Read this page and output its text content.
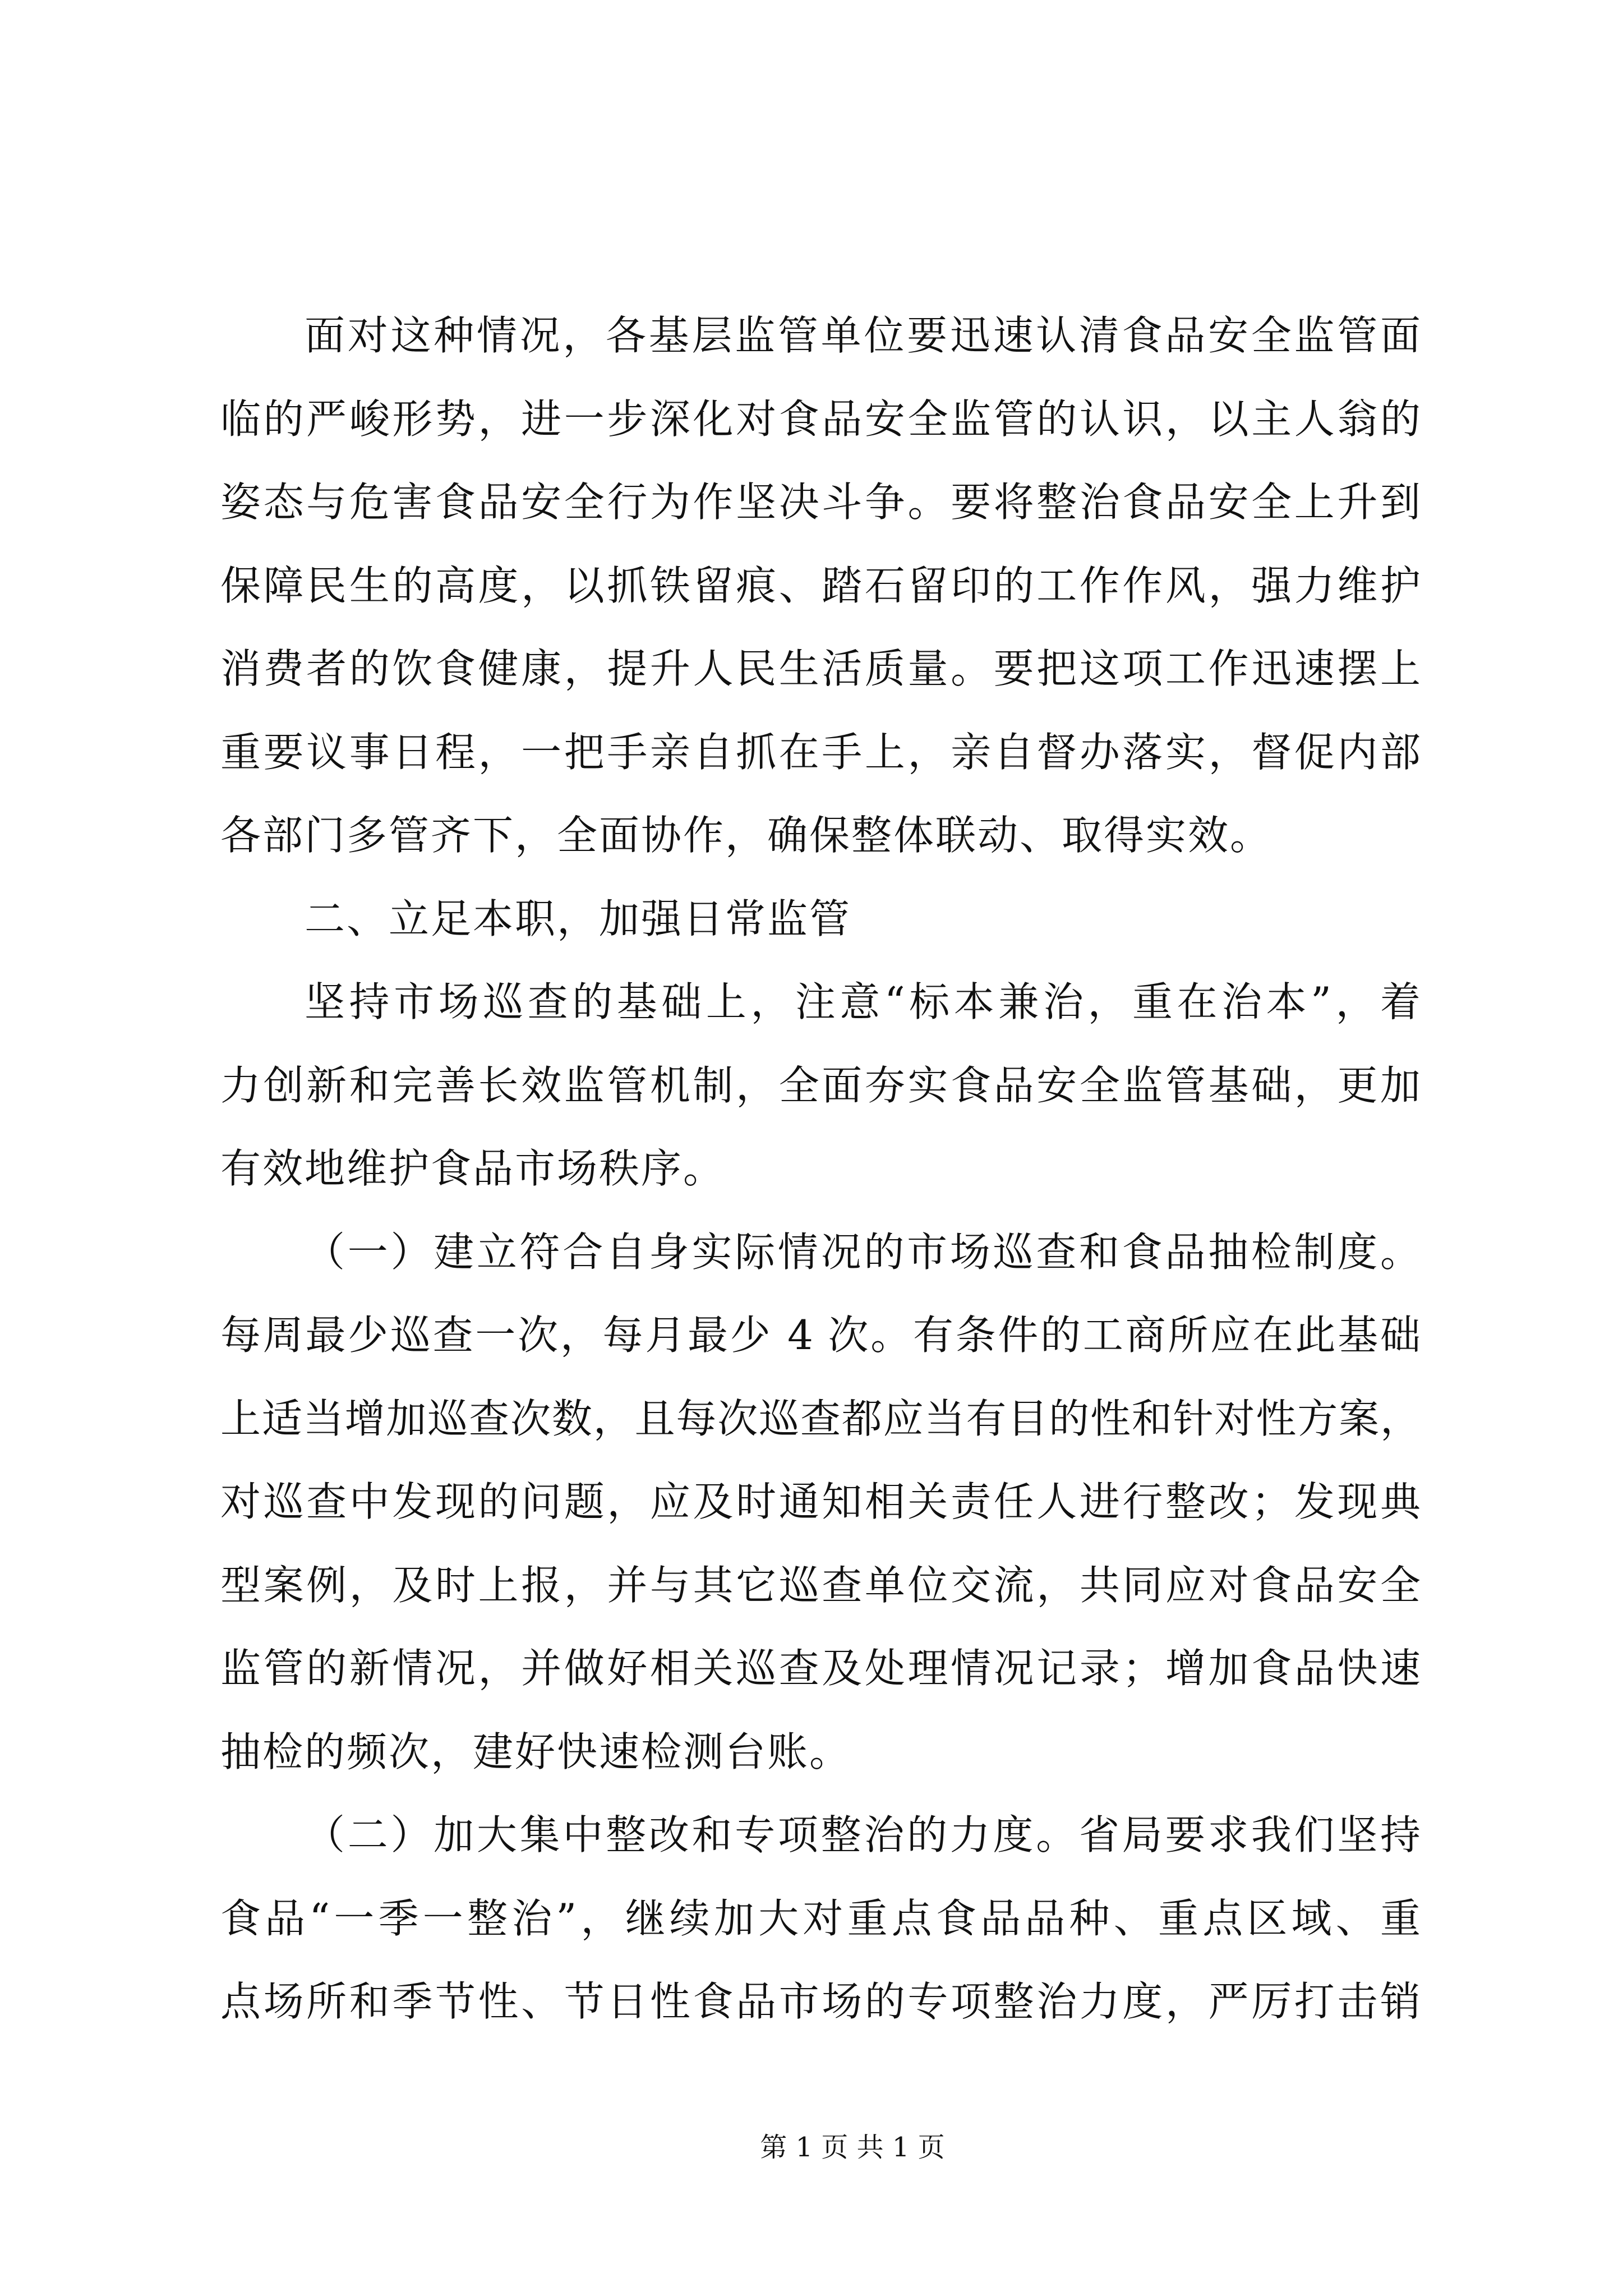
面对这种情况，各基层监管单位要迅速认清食品安全监管面
临的严峻形势，进一步深化对食品安全监管的认识，以主人翁的
姿态与危害食品安全行为作坚决斗争。要将整治食品安全上升到
保障民生的高度，以抓铁留痕、踏石留印的工作作风，强力维护
消费者的饮食健康，提升人民生活质量。要把这项工作迅速摆上
重要议事日程，一把手亲自抓在手上，亲自督办落实，督促内部
各部门多管齐下，全面协作，确保整体联动、取得实效。
二、立足本职，加强日常监管
坚持市场巡查的基础上，注意“标本兼治，重在治本”，着
力创新和完善长效监管机制，全面夯实食品安全监管基础，更加
有效地维护食品市场秩序。
（一）建立符合自身实际情况的市场巡查和食品抽检制度。
每周最少巡查一次，每月最少 4 次。有条件的工商所应在此基础
上适当增加巡查次数，且每次巡查都应当有目的性和针对性方案，
对巡查中发现的问题，应及时通知相关责任人进行整改；发现典
型案例，及时上报，并与其它巡查单位交流，共同应对食品安全
监管的新情况，并做好相关巡查及处理情况记录；增加食品快速
抽检的频次，建好快速检测台账。
（二）加大集中整改和专项整治的力度。省局要求我们坚持
食品“一季一整治”，继续加大对重点食品品种、重点区域、重
点场所和季节性、节日性食品市场的专项整治力度，严厉打击销
第 1 页 共 1 页
